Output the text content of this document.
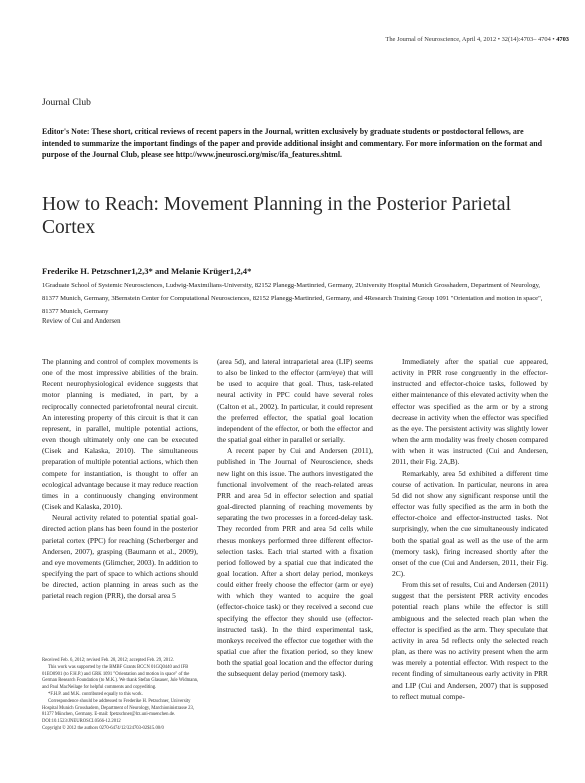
The Journal of Neuroscience, April 4, 2012 • 32(14):4703– 4704 • 4703
Journal Club
Editor's Note: These short, critical reviews of recent papers in the Journal, written exclusively by graduate students or postdoctoral fellows, are intended to summarize the important findings of the paper and provide additional insight and commentary. For more information on the format and purpose of the Journal Club, please see http://www.jneurosci.org/misc/ifa_features.shtml.
How to Reach: Movement Planning in the Posterior Parietal Cortex
Frederike H. Petzschner1,2,3* and Melanie Krüger1,2,4*
1Graduate School of Systemic Neurosciences, Ludwig-Maximilians-University, 82152 Planegg-Martinried, Germany, 2University Hospital Munich Grosshadern, Department of Neurology, 81377 Munich, Germany, 3Bernstein Center for Computational Neurosciences, 82152 Planegg-Martinried, Germany, and 4Research Training Group 1091 "Orientation and motion in space", 81377 Munich, Germany
Review of Cui and Andersen

The planning and control of complex movements is one of the most impressive abilities of the brain. Recent neurophysiological evidence suggests that motor planning is mediated, in part, by a reciprocally connected parietofrontal neural circuit. An interesting property of this circuit is that it can represent, in parallel, multiple potential actions, even though ultimately only one can be executed (Cisek and Kalaska, 2010). The simultaneous preparation of multiple potential actions, which then compete for instantiation, is thought to offer an ecological advantage because it may reduce reaction times in a continuously changing environment (Cisek and Kalaska, 2010).

Neural activity related to potential spatial goal-directed action plans has been found in the posterior parietal cortex (PPC) for reaching (Scherberger and Andersen, 2007), grasping (Baumann et al., 2009), and eye movements (Glimcher, 2003). In addition to specifying the part of space to which actions should be directed, action planning in areas such as the parietal reach region (PRR), the dorsal area 5

Received Feb. 6, 2012; revised Feb. 28, 2012; accepted Feb. 29, 2012.
This work was supported by the BMBF Grants BCCN 01GQ0440 and IFB 01EO0901 (to F.H.P.) and GRK 1091 "Orientation and motion in space" of the German Research Foundation (to M.K.). We thank Stefan Glasauer, Jule Widmann, and Paul MacNeilage for helpful comments and copyediting.
*F.H.P. and M.K. contributed equally to this work.
Correspondence should be addressed to Frederike H. Petzschner, University Hospital Munich Grosshadern, Department of Neurology, Marchioninistrasse 23, 81377 München, Germany. E-mail: fpetzschner@lrz.uni-muenchen.de.
DOI:10.1523/JNEUROSCI.0566-12.2012
Copyright © 2012 the authors 0270-6474/12/324703-02$15.00/0

(area 5d), and lateral intraparietal area (LIP) seems to also be linked to the effector (arm/eye) that will be used to acquire that goal. Thus, task-related neural activity in PPC could have several roles (Calton et al., 2002). In particular, it could represent the preferred effector, the spatial goal location independent of the effector, or both the effector and the spatial goal either in parallel or serially.

A recent paper by Cui and Andersen (2011), published in The Journal of Neuroscience, sheds new light on this issue. The authors investigated the functional involvement of the reach-related areas PRR and area 5d in effector selection and spatial goal-directed planning of reaching movements by separating the two processes in a forced-delay task. They recorded from PRR and area 5d cells while rhesus monkeys performed three different effector-selection tasks. Each trial started with a fixation period followed by a spatial cue that indicated the goal location. After a short delay period, monkeys could either freely choose the effector (arm or eye) with which they wanted to acquire the goal (effector-choice task) or they received a second cue specifying the effector they should use (effector-instructed task). In the third experimental task, monkeys received the effector cue together with the spatial cue after the fixation period, so they knew both the spatial goal location and the effector during the subsequent delay period (memory task).

Immediately after the spatial cue appeared, activity in PRR rose congruently in the effector-instructed and effector-choice tasks, followed by either maintenance of this elevated activity when the effector was specified as the arm or by a strong decrease in activity when the effector was specified as the eye. The persistent activity was slightly lower when the arm modality was freely chosen compared with when it was instructed (Cui and Andersen, 2011, their Fig. 2A,B).

Remarkably, area 5d exhibited a different time course of activation. In particular, neurons in area 5d did not show any significant response until the effector was fully specified as the arm in both the effector-choice and effector-instructed tasks. Not surprisingly, when the cue simultaneously indicated both the spatial goal as well as the use of the arm (memory task), firing increased shortly after the onset of the cue (Cui and Andersen, 2011, their Fig. 2C).

From this set of results, Cui and Andersen (2011) suggest that the persistent PRR activity encodes potential reach plans while the effector is still ambiguous and the selected reach plan when the effector is specified as the arm. They speculate that activity in area 5d reflects only the selected reach plan, as there was no activity present when the arm was merely a potential effector. With respect to the recent finding of simultaneous early activity in PRR and LIP (Cui and Andersen, 2007) that is supposed to reflect mutual compe-
